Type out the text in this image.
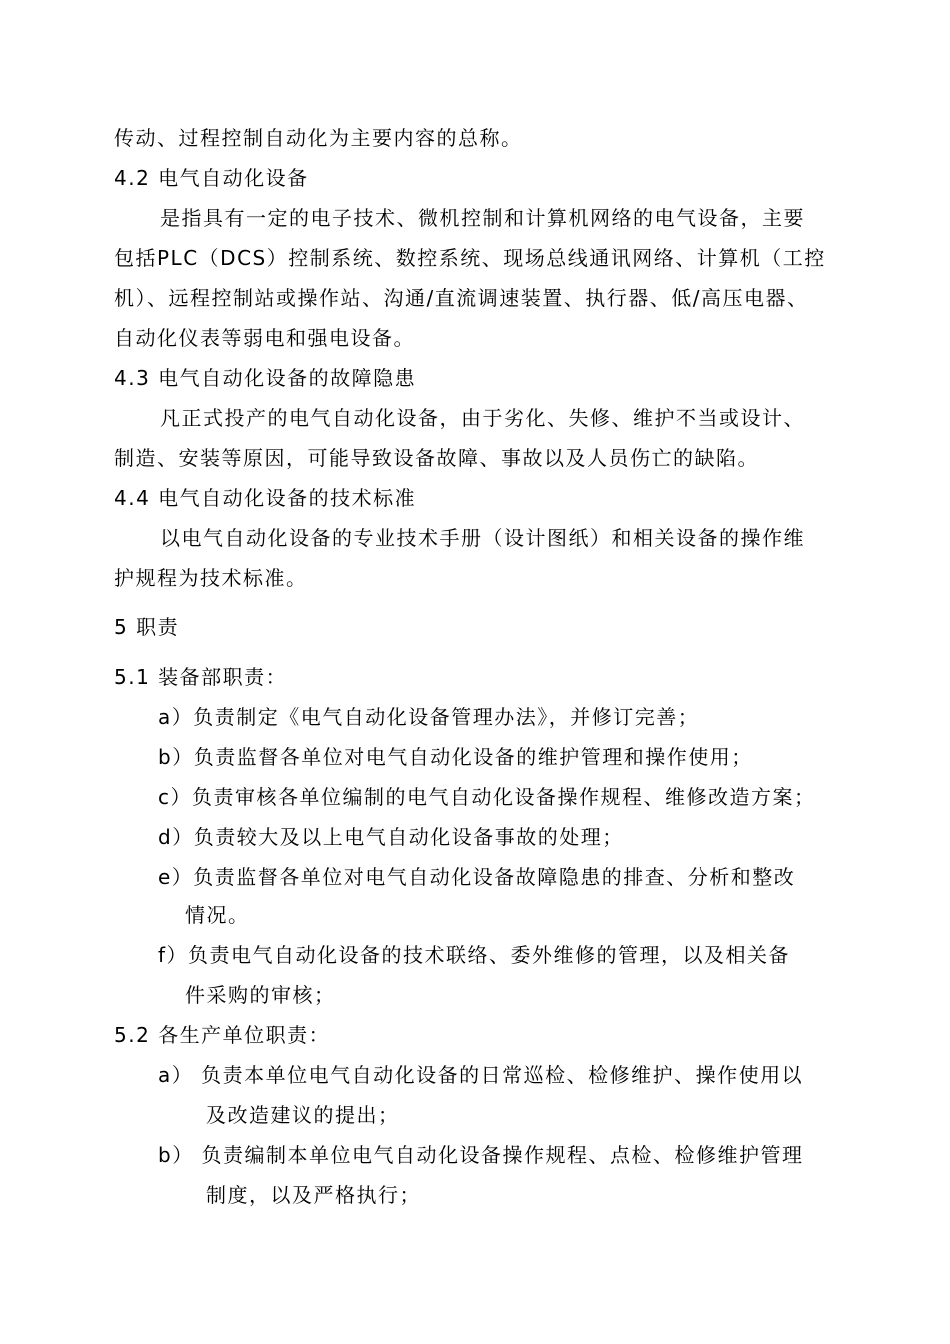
传动、过程控制自动化为主要内容的总称。
4.2 电气自动化设备
是指具有一定的电子技术、微机控制和计算机网络的电气设备，主要
包括PLC（DCS）控制系统、数控系统、现场总线通讯网络、计算机（工控
机）、远程控制站或操作站、沟通/直流调速装置、执行器、低/高压电器、
自动化仪表等弱电和强电设备。
4.3 电气自动化设备的故障隐患
凡正式投产的电气自动化设备，由于劣化、失修、维护不当或设计、
制造、安装等原因，可能导致设备故障、事故以及人员伤亡的缺陷。
4.4 电气自动化设备的技术标准
以电气自动化设备的专业技术手册（设计图纸）和相关设备的操作维
护规程为技术标准。
5 职责
5.1 装备部职责：
a）负责制定《电气自动化设备管理办法》，并修订完善；
b）负责监督各单位对电气自动化设备的维护管理和操作使用；
c）负责审核各单位编制的电气自动化设备操作规程、维修改造方案；
d）负责较大及以上电气自动化设备事故的处理；
e）负责监督各单位对电气自动化设备故障隐患的排查、分析和整改
情况。
f）负责电气自动化设备的技术联络、委外维修的管理，以及相关备
件采购的审核；
5.2 各生产单位职责：
a） 负责本单位电气自动化设备的日常巡检、检修维护、操作使用以
及改造建议的提出；
b） 负责编制本单位电气自动化设备操作规程、点检、检修维护管理
制度，以及严格执行；
